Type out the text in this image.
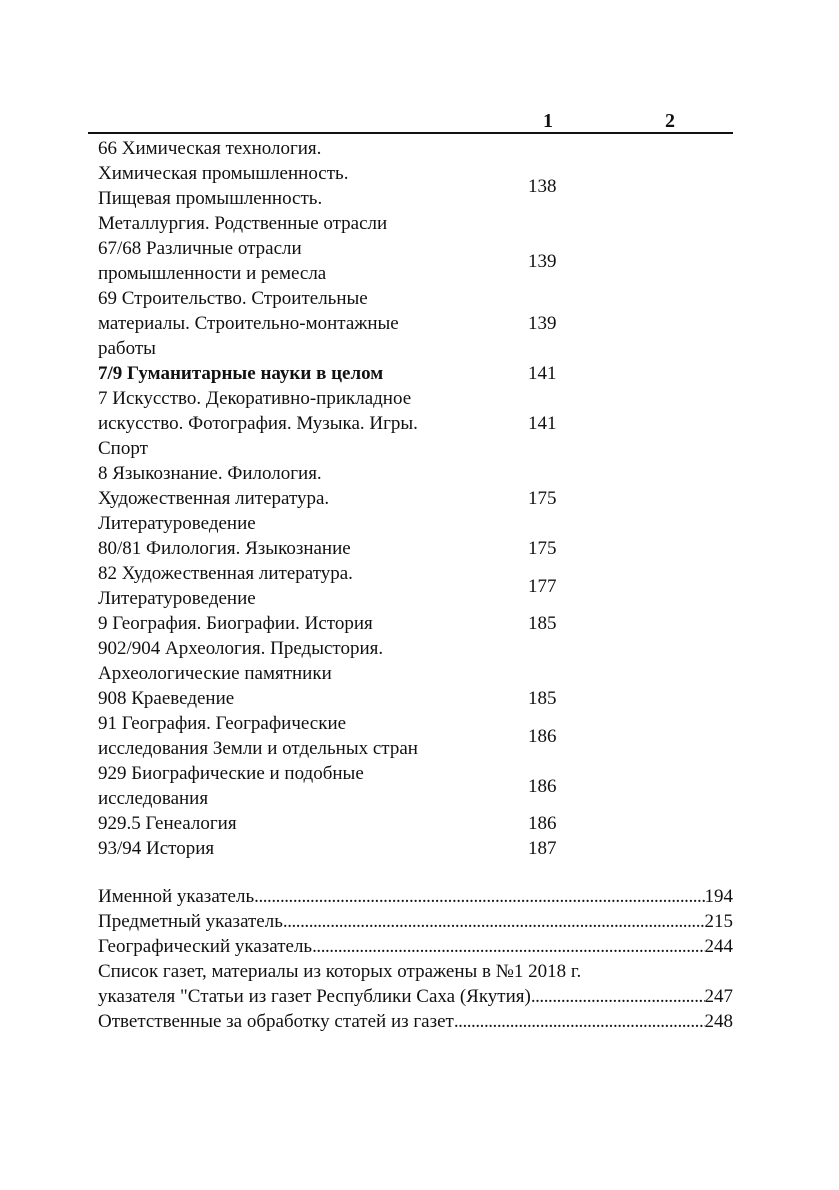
1	2
66 Химическая технология.
Химическая промышленность.
Пищевая промышленность.
Металлургия. Родственные отрасли
138
67/68 Различные отрасли
промышленности и ремесла
139
69 Строительство. Строительные
материалы. Строительно-монтажные
работы
139
7/9 Гуманитарные науки в целом	141
7 Искусство. Декоративно-прикладное
искусство. Фотография. Музыка. Игры.
Спорт
141
8 Языкознание. Филология.
Художественная литература.
Литературоведение
175
80/81 Филология. Языкознание	175
82 Художественная литература.
Литературоведение
177
9 География. Биографии. История	185
902/904 Археология. Предыстория.
Археологические памятники
908 Краеведение	185
91 География. Географические
исследования Земли и отдельных стран
186
929 Биографические и подобные
исследования
186
929.5 Генеалогия	186
93/94 История	187
Именной указатель . . .	194
Предметный указатель . . .	215
Географический указатель . . .	244
Список газет, материалы из которых отражены в №1 2018 г.
указателя "Статьи из газет Республики Саха (Якутия) . . .	247
Ответственные за обработку статей из газет . . .	248
